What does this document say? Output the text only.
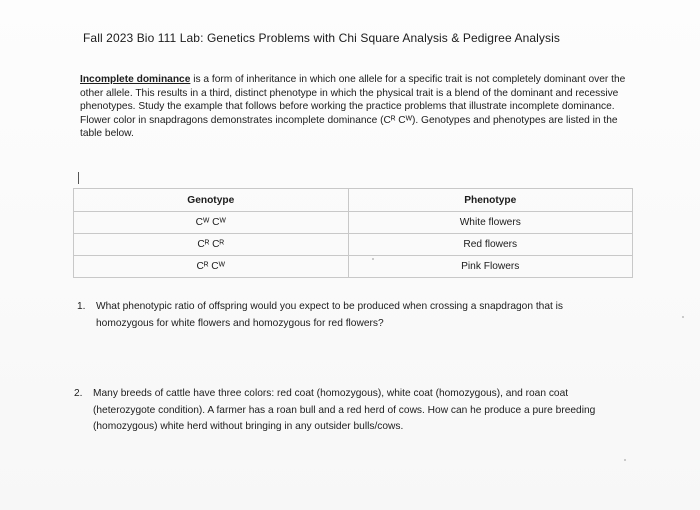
Fall 2023 Bio 111 Lab: Genetics Problems with Chi Square Analysis & Pedigree Analysis
Incomplete dominance is a form of inheritance in which one allele for a specific trait is not completely dominant over the other allele. This results in a third, distinct phenotype in which the physical trait is a blend of the dominant and recessive phenotypes. Study the example that follows before working the practice problems that illustrate incomplete dominance.
Flower color in snapdragons demonstrates incomplete dominance (Cᴿ Cᵂ). Genotypes and phenotypes are listed in the table below.
Genotype	Phenotype
Cᵂ Cᵂ	White flowers
Cᴿ Cᴿ	Red flowers
Cᴿ Cᵂ	Pink Flowers
1. What phenotypic ratio of offspring would you expect to be produced when crossing a snapdragon that is homozygous for white flowers and homozygous for red flowers?
2. Many breeds of cattle have three colors: red coat (homozygous), white coat (homozygous), and roan coat (heterozygote condition). A farmer has a roan bull and a red herd of cows. How can he produce a pure breeding (homozygous) white herd without bringing in any outsider bulls/cows.
